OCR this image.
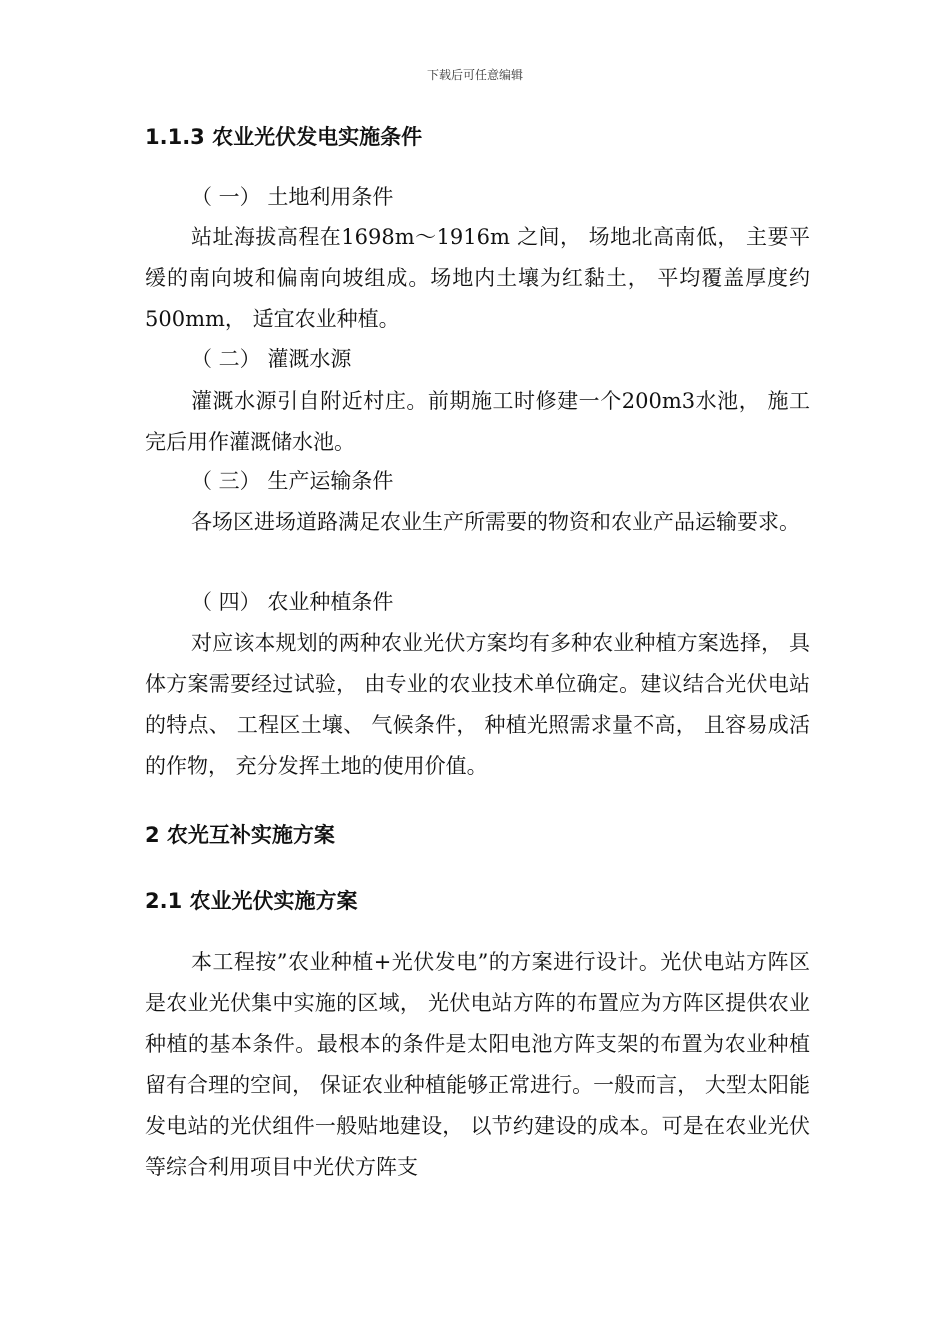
下载后可任意编辑
1.1.3 农业光伏发电实施条件
（ 一） 土地利用条件

站址海拔高程在1698m～1916m 之间， 场地北高南低， 主要平缓的南向坡和偏南向坡组成。场地内土壤为红黏土， 平均覆盖厚度约500mm， 适宜农业种植。

（ 二） 灌溉水源

灌溉水源引自附近村庄。前期施工时修建一个200m3水池， 施工完后用作灌溉储水池。

（ 三） 生产运输条件

各场区进场道路满足农业生产所需要的物资和农业产品运输要求。

（ 四） 农业种植条件

对应该本规划的两种农业光伏方案均有多种农业种植方案选择， 具体方案需要经过试验， 由专业的农业技术单位确定。建议结合光伏电站的特点、 工程区土壤、 气候条件， 种植光照需求量不高， 且容易成活的作物， 充分发挥土地的使用价值。

2 农光互补实施方案
2.1 农业光伏实施方案

本工程按”农业种植+光伏发电”的方案进行设计。光伏电站方阵区是农业光伏集中实施的区域， 光伏电站方阵的布置应为方阵区提供农业种植的基本条件。最根本的条件是太阳电池方阵支架的布置为农业种植留有合理的空间， 保证农业种植能够正常进行。一般而言， 大型太阳能发电站的光伏组件一般贴地建设， 以节约建设的成本。可是在农业光伏等综合利用项目中光伏方阵支
